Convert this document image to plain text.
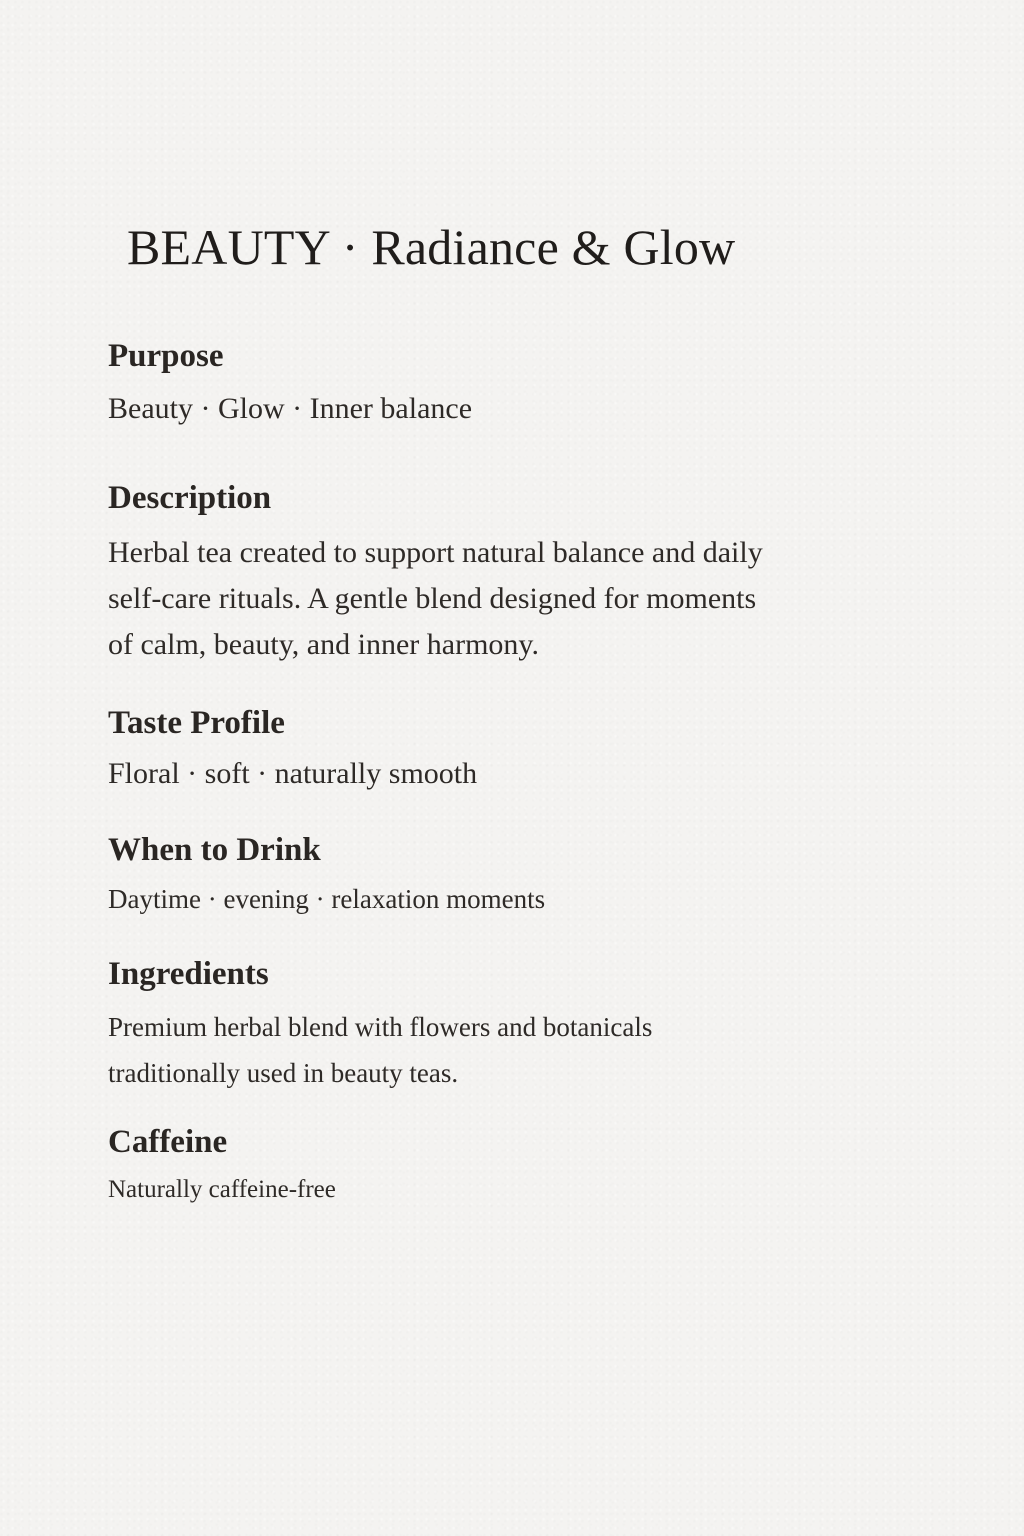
BEAUTY · Radiance & Glow
Purpose

Beauty · Glow · Inner balance

Description
Herbal tea created to support natural balance and daily
self-care rituals. A gentle blend designed for moments
of calm, beauty, and inner harmony.
Taste Profile

Floral · soft · naturally smooth

When to Drink

Daytime · evening · relaxation moments

Ingredients
Premium herbal blend with flowers and botanicals
traditionally used in beauty teas.
Caffeine

Naturally caffeine-free
